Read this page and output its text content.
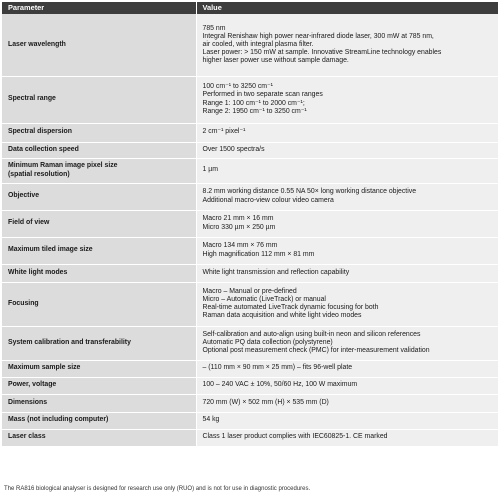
Parameter	Value

Laser wavelength	785 nm
Integral Renishaw high power near-infrared diode laser, 300 mW at 785 nm,
air cooled, with integral plasma filter.
Laser power: > 150 mW at sample. Innovative StreamLine technology enables
higher laser power use without sample damage.

Spectral range	100 cm⁻¹ to 3250 cm⁻¹
Performed in two separate scan ranges
Range 1: 100 cm⁻¹ to 2000 cm⁻¹;
Range 2: 1950 cm⁻¹ to 3250 cm⁻¹

Spectral dispersion	2 cm⁻¹ pixel⁻¹

Data collection speed	Over 1500 spectra/s

Minimum Raman image pixel size
(spatial resolution)	1 µm

Objective	8.2 mm working distance 0.55 NA 50× long working distance objective
Additional macro-view colour video camera

Field of view	Macro 21 mm × 16 mm
Micro 330 µm × 250 µm

Maximum tiled image size	Macro 134 mm × 76 mm
High magnification 112 mm × 81 mm

White light modes	White light transmission and reflection capability

Focusing	Macro – Manual or pre-defined
Micro – Automatic (LiveTrack) or manual
Real-time automated LiveTrack dynamic focusing for both
Raman data acquisition and white light video modes

System calibration and transferability	Self-calibration and auto-align using built-in neon and silicon references
Automatic PQ data collection (polystyrene)
Optional post measurement check (PMC) for inter-measurement validation

Maximum sample size	– (110 mm × 90 mm × 25 mm) – fits 96-well plate

Power, voltage	100 – 240 VAC ± 10%, 50/60 Hz, 100 W maximum

Dimensions	720 mm (W) × 502 mm (H) × 535 mm (D)

Mass (not including computer)	54 kg

Laser class	Class 1 laser product complies with IEC60825-1. CE marked
The RA816 biological analyser is designed for research use only (RUO) and is not for use in diagnostic procedures.
